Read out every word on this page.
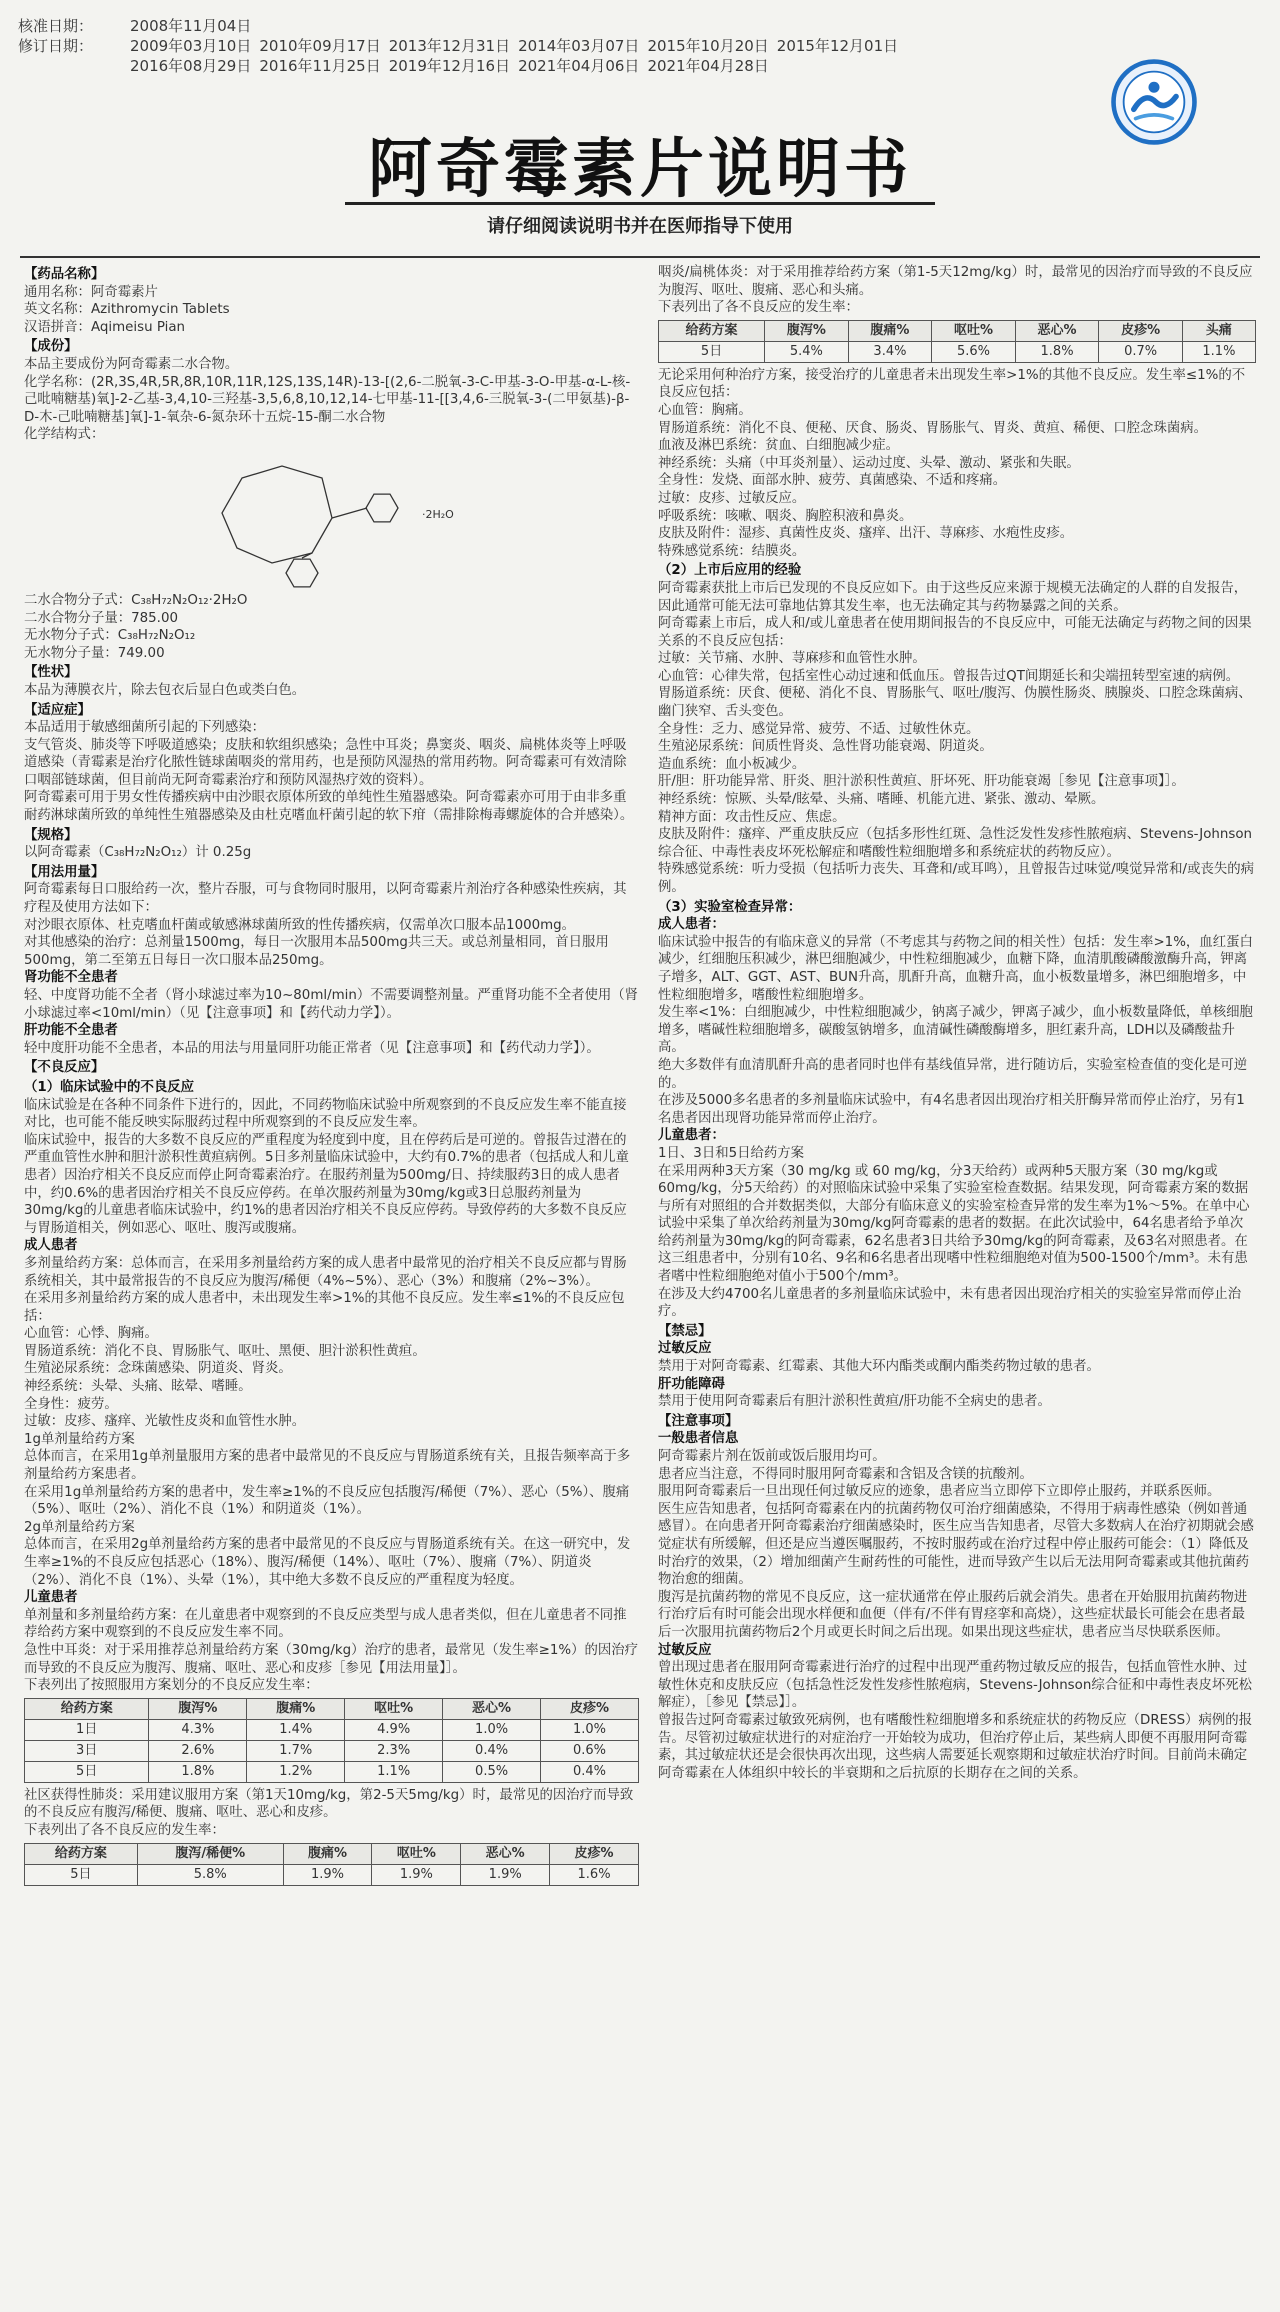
核准日期：	2008年11月04日
修订日期：	2009年03月10日 2010年09月17日 2013年12月31日 2014年03月07日 2015年10月20日 2015年12月01日
2016年08月29日 2016年11月25日 2019年12月16日 2021年04月06日 2021年04月28日
阿奇霉素片说明书
请仔细阅读说明书并在医师指导下使用

【药品名称】

通用名称：阿奇霉素片

英文名称：Azithromycin Tablets

汉语拼音：Aqimeisu Pian

【成份】

本品主要成份为阿奇霉素二水合物。

化学名称：(2R,3S,4R,5R,8R,10R,11R,12S,13S,14R)-13-[(2,6-二脱氧-3-C-甲基-3-O-甲基-α-L-核-己吡喃糖基)氧]-2-乙基-3,4,10-三羟基-3,5,6,8,10,12,14-七甲基-11-[[3,4,6-三脱氧-3-(二甲氨基)-β-D-木-己吡喃糖基]氧]-1-氧杂-6-氮杂环十五烷-15-酮二水合物

化学结构式：

·2H₂O

二水合物分子式：C₃₈H₇₂N₂O₁₂·2H₂O

二水合物分子量：785.00

无水物分子式：C₃₈H₇₂N₂O₁₂

无水物分子量：749.00

【性状】

本品为薄膜衣片，除去包衣后显白色或类白色。

【适应症】

本品适用于敏感细菌所引起的下列感染：

支气管炎、肺炎等下呼吸道感染；皮肤和软组织感染；急性中耳炎；鼻窦炎、咽炎、扁桃体炎等上呼吸道感染（青霉素是治疗化脓性链球菌咽炎的常用药，也是预防风湿热的常用药物。阿奇霉素可有效清除口咽部链球菌，但目前尚无阿奇霉素治疗和预防风湿热疗效的资料）。

阿奇霉素可用于男女性传播疾病中由沙眼衣原体所致的单纯性生殖器感染。阿奇霉素亦可用于由非多重耐药淋球菌所致的单纯性生殖器感染及由杜克嗜血杆菌引起的软下疳（需排除梅毒螺旋体的合并感染）。

【规格】

以阿奇霉素（C₃₈H₇₂N₂O₁₂）计 0.25g

【用法用量】

阿奇霉素每日口服给药一次，整片吞服，可与食物同时服用，以阿奇霉素片剂治疗各种感染性疾病，其疗程及使用方法如下：

对沙眼衣原体、杜克嗜血杆菌或敏感淋球菌所致的性传播疾病，仅需单次口服本品1000mg。

对其他感染的治疗：总剂量1500mg，每日一次服用本品500mg共三天。或总剂量相同，首日服用500mg，第二至第五日每日一次口服本品250mg。

肾功能不全患者

轻、中度肾功能不全者（肾小球滤过率为10~80ml/min）不需要调整剂量。严重肾功能不全者使用（肾小球滤过率<10ml/min）（见【注意事项】和【药代动力学】）。

肝功能不全患者

轻中度肝功能不全患者，本品的用法与用量同肝功能正常者（见【注意事项】和【药代动力学】）。

【不良反应】

（1）临床试验中的不良反应

临床试验是在各种不同条件下进行的，因此，不同药物临床试验中所观察到的不良反应发生率不能直接对比，也可能不能反映实际服药过程中所观察到的不良反应发生率。

临床试验中，报告的大多数不良反应的严重程度为轻度到中度，且在停药后是可逆的。曾报告过潜在的严重血管性水肿和胆汁淤积性黄疸病例。5日多剂量临床试验中，大约有0.7%的患者（包括成人和儿童患者）因治疗相关不良反应而停止阿奇霉素治疗。在服药剂量为500mg/日、持续服药3日的成人患者中，约0.6%的患者因治疗相关不良反应停药。在单次服药剂量为30mg/kg或3日总服药剂量为30mg/kg的儿童患者临床试验中，约1%的患者因治疗相关不良反应停药。导致停药的大多数不良反应与胃肠道相关，例如恶心、呕吐、腹泻或腹痛。

成人患者

多剂量给药方案：总体而言，在采用多剂量给药方案的成人患者中最常见的治疗相关不良反应都与胃肠系统相关，其中最常报告的不良反应为腹泻/稀便（4%~5%）、恶心（3%）和腹痛（2%~3%）。

在采用多剂量给药方案的成人患者中，未出现发生率>1%的其他不良反应。发生率≤1%的不良反应包括：

心血管：心悸、胸痛。

胃肠道系统：消化不良、胃肠胀气、呕吐、黑便、胆汁淤积性黄疸。

生殖泌尿系统：念珠菌感染、阴道炎、肾炎。

神经系统：头晕、头痛、眩晕、嗜睡。

全身性：疲劳。

过敏：皮疹、瘙痒、光敏性皮炎和血管性水肿。

1g单剂量给药方案

总体而言，在采用1g单剂量服用方案的患者中最常见的不良反应与胃肠道系统有关，且报告频率高于多剂量给药方案患者。

在采用1g单剂量给药方案的患者中，发生率≥1%的不良反应包括腹泻/稀便（7%）、恶心（5%）、腹痛（5%）、呕吐（2%）、消化不良（1%）和阴道炎（1%）。

2g单剂量给药方案

总体而言，在采用2g单剂量给药方案的患者中最常见的不良反应与胃肠道系统有关。在这一研究中，发生率≥1%的不良反应包括恶心（18%）、腹泻/稀便（14%）、呕吐（7%）、腹痛（7%）、阴道炎（2%）、消化不良（1%）、头晕（1%），其中绝大多数不良反应的严重程度为轻度。

儿童患者

单剂量和多剂量给药方案：在儿童患者中观察到的不良反应类型与成人患者类似，但在儿童患者不同推荐给药方案中观察到的不良反应发生率不同。

急性中耳炎：对于采用推荐总剂量给药方案（30mg/kg）治疗的患者，最常见（发生率≥1%）的因治疗而导致的不良反应为腹泻、腹痛、呕吐、恶心和皮疹［参见【用法用量】］。

下表列出了按照服用方案划分的不良反应发生率：

给药方案	腹泻%	腹痛%	呕吐%	恶心%	皮疹%
1日	4.3%	1.4%	4.9%	1.0%	1.0%
3日	2.6%	1.7%	2.3%	0.4%	0.6%
5日	1.8%	1.2%	1.1%	0.5%	0.4%

社区获得性肺炎：采用建议服用方案（第1天10mg/kg，第2-5天5mg/kg）时，最常见的因治疗而导致的不良反应有腹泻/稀便、腹痛、呕吐、恶心和皮疹。

下表列出了各不良反应的发生率：

给药方案	腹泻/稀便%	腹痛%	呕吐%	恶心%	皮疹%
5日	5.8%	1.9%	1.9%	1.9%	1.6%

咽炎/扁桃体炎：对于采用推荐给药方案（第1-5天12mg/kg）时，最常见的因治疗而导致的不良反应为腹泻、呕吐、腹痛、恶心和头痛。

下表列出了各不良反应的发生率：

给药方案	腹泻%	腹痛%	呕吐%	恶心%	皮疹%	头痛
5日	5.4%	3.4%	5.6%	1.8%	0.7%	1.1%

无论采用何种治疗方案，接受治疗的儿童患者未出现发生率>1%的其他不良反应。发生率≤1%的不良反应包括：

心血管：胸痛。

胃肠道系统：消化不良、便秘、厌食、肠炎、胃肠胀气、胃炎、黄疸、稀便、口腔念珠菌病。

血液及淋巴系统：贫血、白细胞减少症。

神经系统：头痛（中耳炎剂量）、运动过度、头晕、激动、紧张和失眠。

全身性：发烧、面部水肿、疲劳、真菌感染、不适和疼痛。

过敏：皮疹、过敏反应。

呼吸系统：咳嗽、咽炎、胸腔积液和鼻炎。

皮肤及附件：湿疹、真菌性皮炎、瘙痒、出汗、荨麻疹、水疱性皮疹。

特殊感觉系统：结膜炎。

（2）上市后应用的经验

阿奇霉素获批上市后已发现的不良反应如下。由于这些反应来源于规模无法确定的人群的自发报告，因此通常可能无法可靠地估算其发生率，也无法确定其与药物暴露之间的关系。

阿奇霉素上市后，成人和/或儿童患者在使用期间报告的不良反应中，可能无法确定与药物之间的因果关系的不良反应包括：

过敏：关节痛、水肿、荨麻疹和血管性水肿。

心血管：心律失常，包括室性心动过速和低血压。曾报告过QT间期延长和尖端扭转型室速的病例。

胃肠道系统：厌食、便秘、消化不良、胃肠胀气、呕吐/腹泻、伪膜性肠炎、胰腺炎、口腔念珠菌病、幽门狭窄、舌头变色。

全身性：乏力、感觉异常、疲劳、不适、过敏性休克。

生殖泌尿系统：间质性肾炎、急性肾功能衰竭、阴道炎。

造血系统：血小板减少。

肝/胆：肝功能异常、肝炎、胆汁淤积性黄疸、肝坏死、肝功能衰竭［参见【注意事项】］。

神经系统：惊厥、头晕/眩晕、头痛、嗜睡、机能亢进、紧张、激动、晕厥。

精神方面：攻击性反应、焦虑。

皮肤及附件：瘙痒、严重皮肤反应（包括多形性红斑、急性泛发性发疹性脓疱病、Stevens-Johnson综合征、中毒性表皮坏死松解症和嗜酸性粒细胞增多和系统症状的药物反应）。

特殊感觉系统：听力受损（包括听力丧失、耳聋和/或耳鸣），且曾报告过味觉/嗅觉异常和/或丧失的病例。

（3）实验室检查异常：

成人患者：

临床试验中报告的有临床意义的异常（不考虑其与药物之间的相关性）包括：发生率>1%，血红蛋白减少，红细胞压积减少，淋巴细胞减少，中性粒细胞减少，血糖下降，血清肌酸磷酸激酶升高，钾离子增多，ALT、GGT、AST、BUN升高，肌酐升高，血糖升高，血小板数量增多，淋巴细胞增多，中性粒细胞增多，嗜酸性粒细胞增多。

发生率<1%：白细胞减少，中性粒细胞减少，钠离子减少，钾离子减少，血小板数量降低，单核细胞增多，嗜碱性粒细胞增多，碳酸氢钠增多，血清碱性磷酸酶增多，胆红素升高，LDH以及磷酸盐升高。

绝大多数伴有血清肌酐升高的患者同时也伴有基线值异常，进行随访后，实验室检查值的变化是可逆的。

在涉及5000多名患者的多剂量临床试验中，有4名患者因出现治疗相关肝酶异常而停止治疗，另有1名患者因出现肾功能异常而停止治疗。

儿童患者：

1日、3日和5日给药方案

在采用两种3天方案（30 mg/kg 或 60 mg/kg，分3天给药）或两种5天服方案（30 mg/kg或60mg/kg，分5天给药）的对照临床试验中采集了实验室检查数据。结果发现，阿奇霉素方案的数据与所有对照组的合并数据类似，大部分有临床意义的实验室检查异常的发生率为1%～5%。在单中心试验中采集了单次给药剂量为30mg/kg阿奇霉素的患者的数据。在此次试验中，64名患者给予单次给药剂量为30mg/kg的阿奇霉素，62名患者3日共给予30mg/kg的阿奇霉素，及63名对照患者。在这三组患者中，分别有10名、9名和6名患者出现嗜中性粒细胞绝对值为500-1500个/mm³。未有患者嗜中性粒细胞绝对值小于500个/mm³。

在涉及大约4700名儿童患者的多剂量临床试验中，未有患者因出现治疗相关的实验室异常而停止治疗。

【禁忌】

过敏反应

禁用于对阿奇霉素、红霉素、其他大环内酯类或酮内酯类药物过敏的患者。

肝功能障碍

禁用于使用阿奇霉素后有胆汁淤积性黄疸/肝功能不全病史的患者。

【注意事项】

一般患者信息

阿奇霉素片剂在饭前或饭后服用均可。

患者应当注意，不得同时服用阿奇霉素和含铝及含镁的抗酸剂。

服用阿奇霉素后一旦出现任何过敏反应的迹象，患者应当立即停下立即停止服药，并联系医师。

医生应告知患者，包括阿奇霉素在内的抗菌药物仅可治疗细菌感染，不得用于病毒性感染（例如普通感冒）。在向患者开阿奇霉素治疗细菌感染时，医生应当告知患者，尽管大多数病人在治疗初期就会感觉症状有所缓解，但还是应当遵医嘱服药，不按时服药或在治疗过程中停止服药可能会：（1）降低及时治疗的效果，（2）增加细菌产生耐药性的可能性，进而导致产生以后无法用阿奇霉素或其他抗菌药物治愈的细菌。

腹泻是抗菌药物的常见不良反应，这一症状通常在停止服药后就会消失。患者在开始服用抗菌药物进行治疗后有时可能会出现水样便和血便（伴有/不伴有胃痉挛和高烧），这些症状最长可能会在患者最后一次服用抗菌药物后2个月或更长时间之后出现。如果出现这些症状，患者应当尽快联系医师。

过敏反应

曾出现过患者在服用阿奇霉素进行治疗的过程中出现严重药物过敏反应的报告，包括血管性水肿、过敏性休克和皮肤反应（包括急性泛发性发疹性脓疱病，Stevens-Johnson综合征和中毒性表皮坏死松解症），［参见【禁忌】］。

曾报告过阿奇霉素过敏致死病例，也有嗜酸性粒细胞增多和系统症状的药物反应（DRESS）病例的报告。尽管初过敏症状进行的对症治疗一开始较为成功，但治疗停止后，某些病人即便不再服用阿奇霉素，其过敏症状还是会很快再次出现，这些病人需要延长观察期和过敏症状治疗时间。目前尚未确定阿奇霉素在人体组织中较长的半衰期和之后抗原的长期存在之间的关系。
